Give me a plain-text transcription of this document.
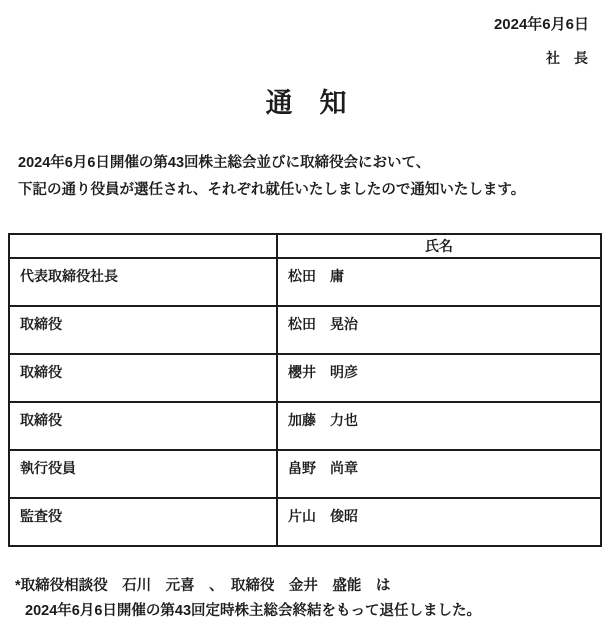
2024年6月6日
社　長
通　知
2024年6月6日開催の第43回株主総会並びに取締役会において、
下記の通り役員が選任され、それぞれ就任いたしましたので通知いたします。
	氏名
代表取締役社長	松田　庸
取締役	松田　晃治
取締役	櫻井　明彦
取締役	加藤　力也
執行役員	畠野　尚章
監査役	片山　俊昭
*取締役相談役　石川　元喜　、　取締役　金井　盛能　は
2024年6月6日開催の第43回定時株主総会終結をもって退任しました。
